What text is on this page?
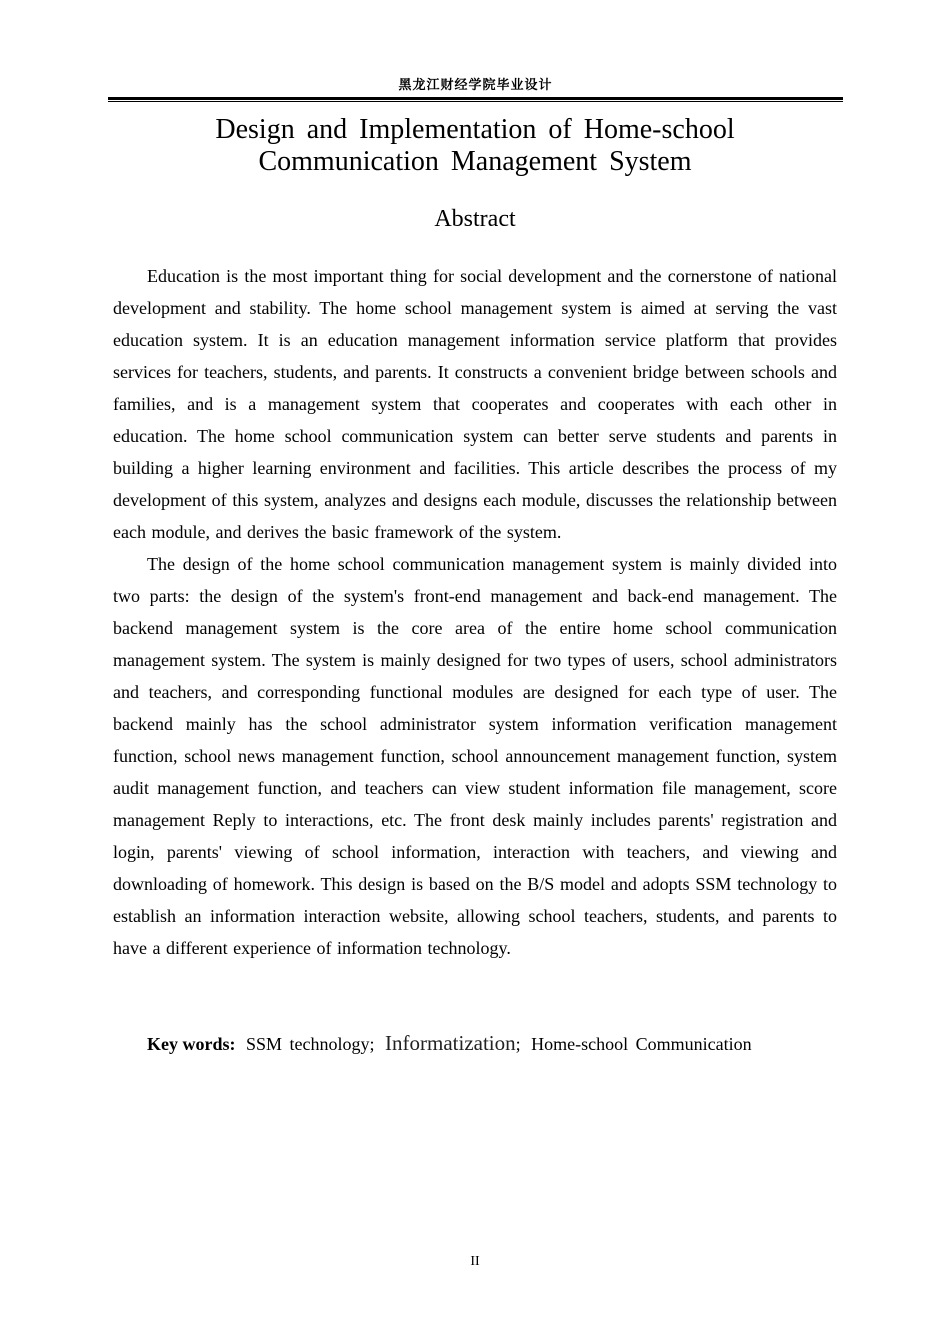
黑龙江财经学院毕业设计
Design and Implementation of Home-school
Communication Management System
Abstract

Education is the most important thing for social development and the cornerstone of national development and stability. The home school management system is aimed at serving the vast education system. It is an education management information service platform that provides services for teachers, students, and parents. It constructs a convenient bridge between schools and families, and is a management system that cooperates and cooperates with each other in education. The home school communication system can better serve students and parents in building a higher learning environment and facilities. This article describes the process of my development of this system, analyzes and designs each module, discusses the relationship between each module, and derives the basic framework of the system.

The design of the home school communication management system is mainly divided into two parts: the design of the system's front-end management and back-end management. The backend management system is the core area of the entire home school communication management system. The system is mainly designed for two types of users, school administrators and teachers, and corresponding functional modules are designed for each type of user. The backend mainly has the school administrator system information verification management function, school news management function, school announcement management function, system audit management function, and teachers can view student information file management, score management Reply to interactions, etc. The front desk mainly includes parents' registration and login, parents' viewing of school information, interaction with teachers, and viewing and downloading of homework. This design is based on the B/S model and adopts SSM technology to establish an information interaction website, allowing school teachers, students, and parents to have a different experience of information technology.

Key words: SSM technology; Informatization; Home-school Communication
II
